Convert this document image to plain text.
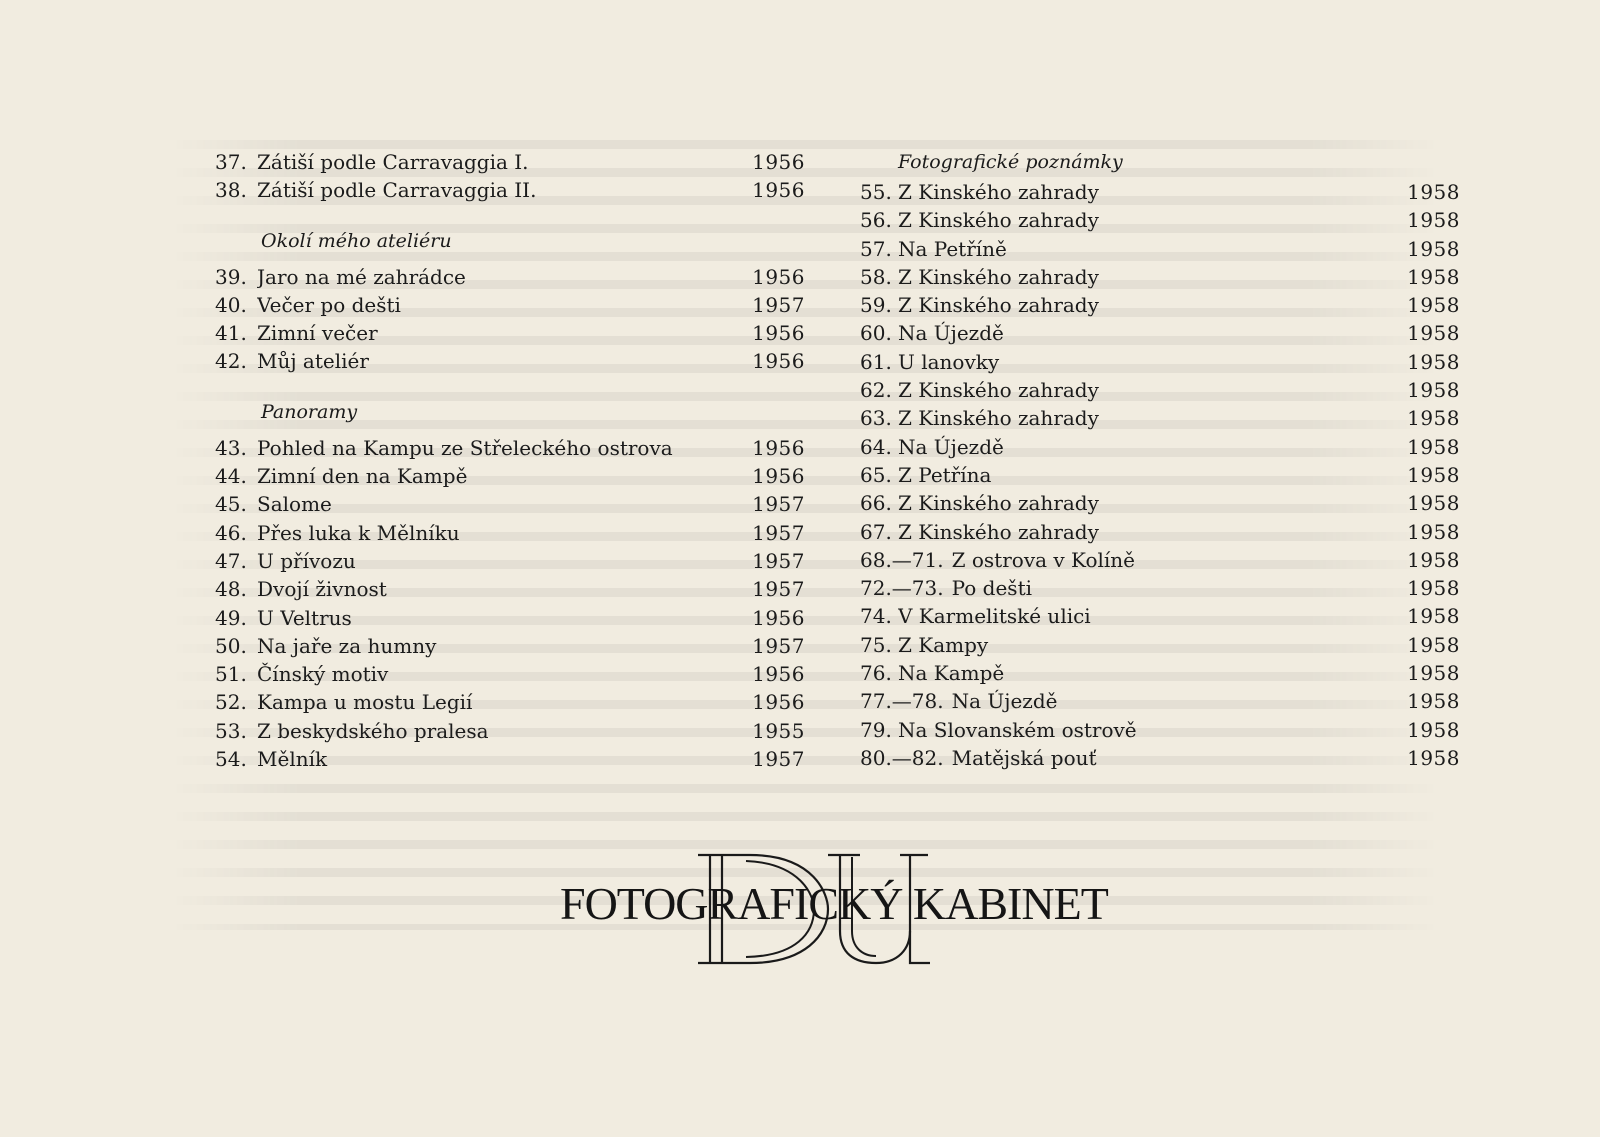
37. Zátiší podle Carravaggia I.	1956
38. Zátiší podle Carravaggia II.	1956
Okolí mého ateliéru
39. Jaro na mé zahrádce	1956
40. Večer po dešti	1957
41. Zimní večer	1956
42. Můj ateliér	1956
Panoramy
43. Pohled na Kampu ze Střeleckého ostrova	1956
44. Zimní den na Kampě	1956
45. Salome	1957
46. Přes luka k Mělníku	1957
47. U přívozu	1957
48. Dvojí živnost	1957
49. U Veltrus	1956
50. Na jaře za humny	1957
51. Čínský motiv	1956
52. Kampa u mostu Legií	1956
53. Z beskydského pralesa	1955
54. Mělník	1957
Fotografické poznámky
55. Z Kinského zahrady	1958
56. Z Kinského zahrady	1958
57. Na Petříně	1958
58. Z Kinského zahrady	1958
59. Z Kinského zahrady	1958
60. Na Újezdě	1958
61. U lanovky	1958
62. Z Kinského zahrady	1958
63. Z Kinského zahrady	1958
64. Na Újezdě	1958
65. Z Petřína	1958
66. Z Kinského zahrady	1958
67. Z Kinského zahrady	1958
68.—71. Z ostrova v Kolíně	1958
72.—73. Po dešti	1958
74. V Karmelitské ulici	1958
75. Z Kampy	1958
76. Na Kampě	1958
77.—78. Na Újezdě	1958
79. Na Slovanském ostrově	1958
80.—82. Matějská pouť	1958
FOTOGRAFICKÝ KABINET
